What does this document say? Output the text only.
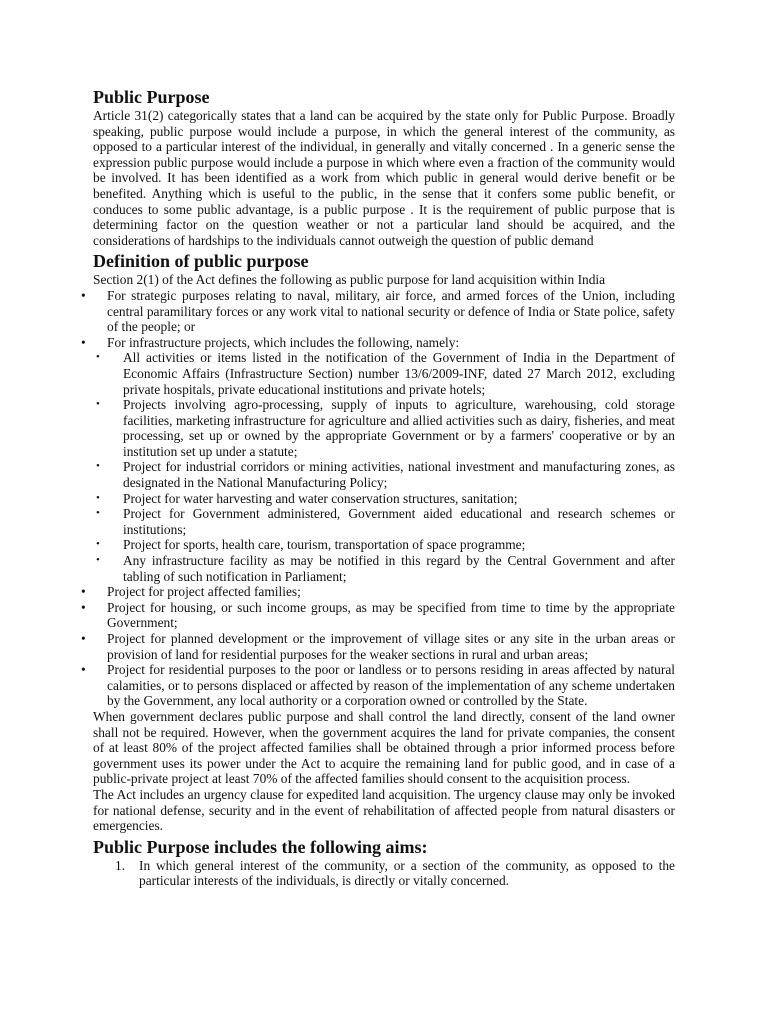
Public Purpose

Article 31(2) categorically states that a land can be acquired by the state only for Public Purpose. Broadly speaking, public purpose would include a purpose, in which the general interest of the community, as opposed to a particular interest of the individual, in generally and vitally concerned . In a generic sense the expression public purpose would include a purpose in which where even a fraction of the community would be involved. It has been identified as a work from which public in general would derive benefit or be benefited. Anything which is useful to the public, in the sense that it confers some public benefit, or conduces to some public advantage, is a public purpose . It is the requirement of public purpose that is determining factor on the question weather or not a particular land should be acquired, and the considerations of hardships to the individuals cannot outweigh the question of public demand

Definition of public purpose

Section 2(1) of the Act defines the following as public purpose for land acquisition within India

• For strategic purposes relating to naval, military, air force, and armed forces of the Union, including central paramilitary forces or any work vital to national security or defence of India or State police, safety of the people; or
• For infrastructure projects, which includes the following, namely:
• All activities or items listed in the notification of the Government of India in the Department of Economic Affairs (Infrastructure Section) number 13/6/2009-INF, dated 27 March 2012, excluding private hospitals, private educational institutions and private hotels;
• Projects involving agro-processing, supply of inputs to agriculture, warehousing, cold storage facilities, marketing infrastructure for agriculture and allied activities such as dairy, fisheries, and meat processing, set up or owned by the appropriate Government or by a farmers' cooperative or by an institution set up under a statute;
• Project for industrial corridors or mining activities, national investment and manufacturing zones, as designated in the National Manufacturing Policy;
• Project for water harvesting and water conservation structures, sanitation;
• Project for Government administered, Government aided educational and research schemes or institutions;
• Project for sports, health care, tourism, transportation of space programme;
• Any infrastructure facility as may be notified in this regard by the Central Government and after tabling of such notification in Parliament;
• Project for project affected families;
• Project for housing, or such income groups, as may be specified from time to time by the appropriate Government;
• Project for planned development or the improvement of village sites or any site in the urban areas or provision of land for residential purposes for the weaker sections in rural and urban areas;
• Project for residential purposes to the poor or landless or to persons residing in areas affected by natural calamities, or to persons displaced or affected by reason of the implementation of any scheme undertaken by the Government, any local authority or a corporation owned or controlled by the State.

When government declares public purpose and shall control the land directly, consent of the land owner shall not be required. However, when the government acquires the land for private companies, the consent of at least 80% of the project affected families shall be obtained through a prior informed process before government uses its power under the Act to acquire the remaining land for public good, and in case of a public-private project at least 70% of the affected families should consent to the acquisition process.

The Act includes an urgency clause for expedited land acquisition. The urgency clause may only be invoked for national defense, security and in the event of rehabilitation of affected people from natural disasters or emergencies.

Public Purpose includes the following aims:
1. In which general interest of the community, or a section of the community, as opposed to the particular interests of the individuals, is directly or vitally concerned.
